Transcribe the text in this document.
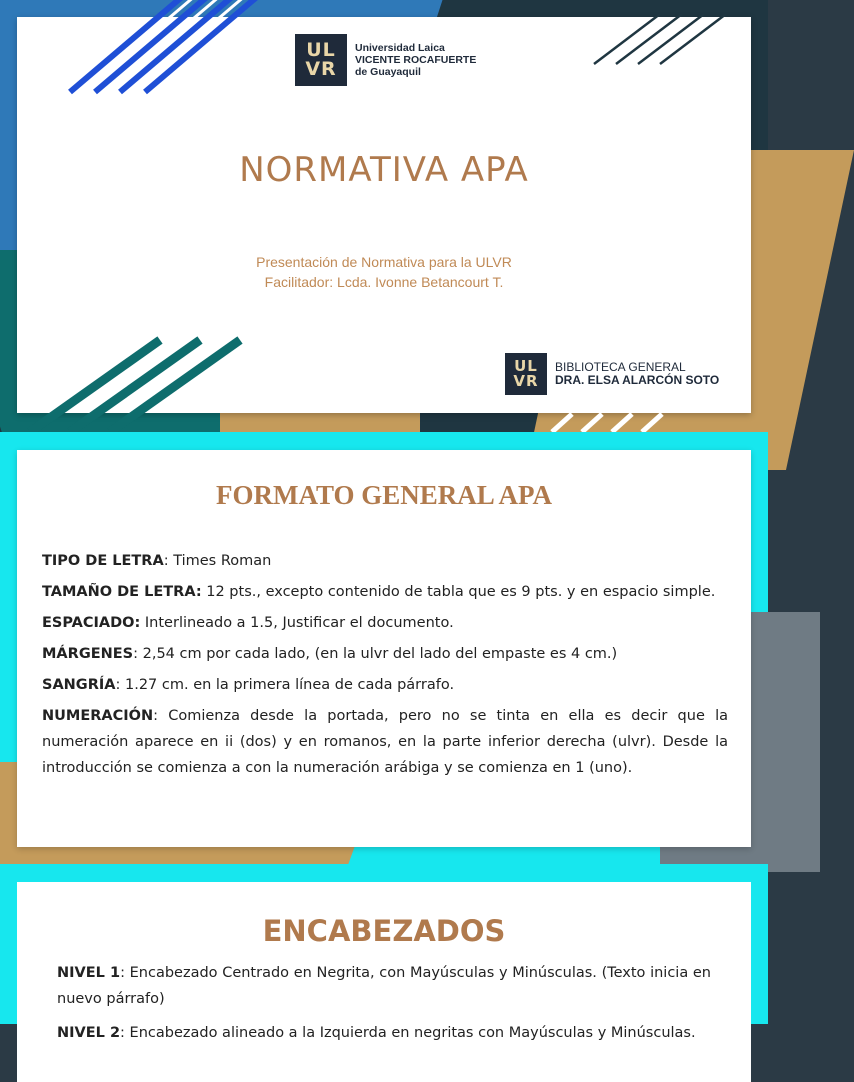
UL
VR
Universidad Laica
VICENTE ROCAFUERTE
de Guayaquil
NORMATIVA APA
Presentación de Normativa para la ULVR
Facilitador: Lcda. Ivonne Betancourt T.
UL
VR
BIBLIOTECA GENERAL
DRA. ELSA ALARCÓN SOTO
FORMATO GENERAL APA

TIPO DE LETRA: Times Roman

TAMAÑO DE LETRA: 12 pts., excepto contenido de tabla que es 9 pts. y en espacio simple.

ESPACIADO: Interlineado a 1.5, Justificar el documento.

MÁRGENES: 2,54 cm por cada lado, (en la ulvr del lado del empaste es 4 cm.)

SANGRÍA: 1.27 cm. en la primera línea de cada párrafo.

NUMERACIÓN: Comienza desde la portada, pero no se tinta en ella es decir que la numeración aparece en ii (dos) y en romanos, en la parte inferior derecha (ulvr). Desde la introducción se comienza a con la numeración arábiga y se comienza en 1 (uno).

ENCABEZADOS

NIVEL 1: Encabezado Centrado en Negrita, con Mayúsculas y Minúsculas. (Texto inicia en nuevo párrafo)

NIVEL 2: Encabezado alineado a la Izquierda en negritas con Mayúsculas y Minúsculas.
